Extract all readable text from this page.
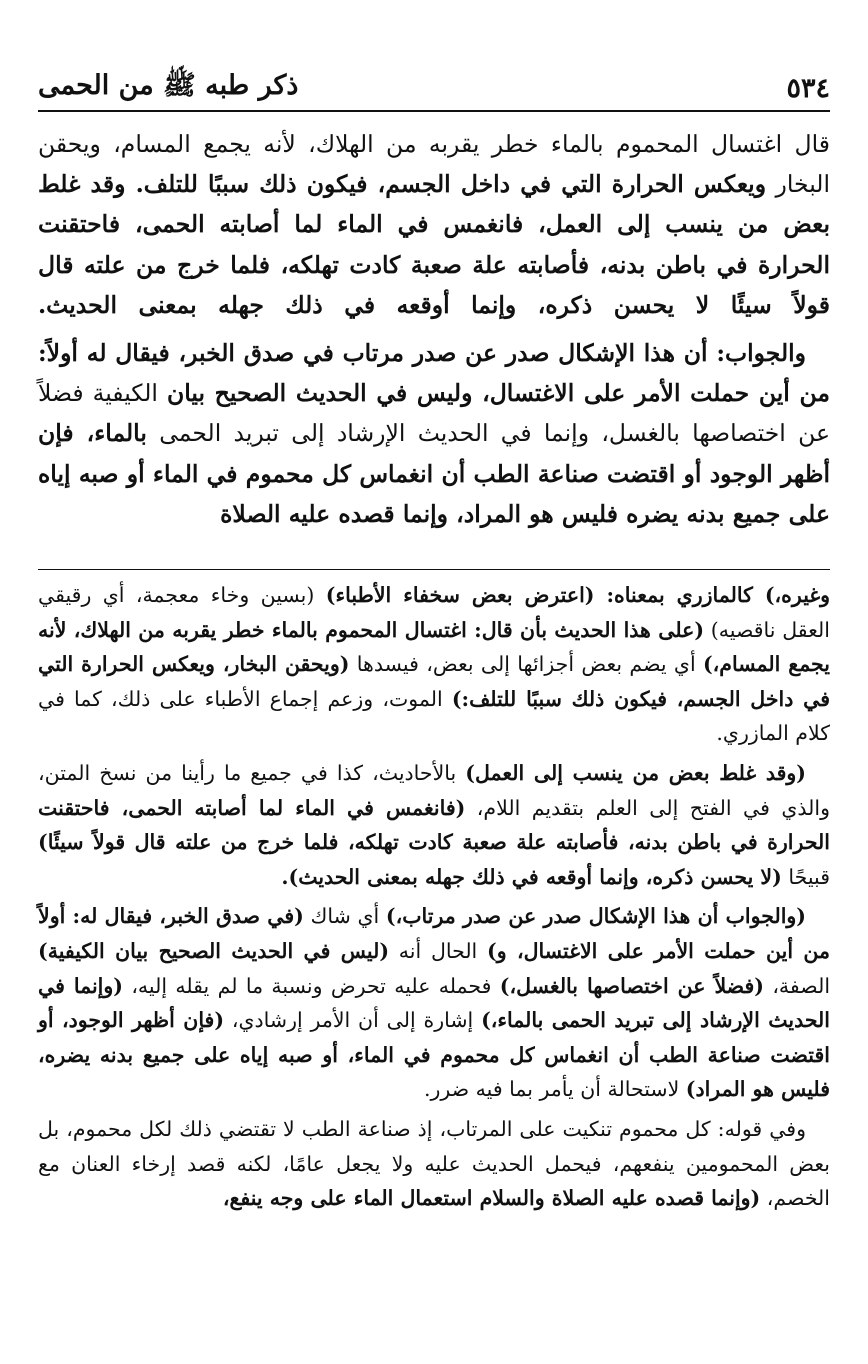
٥٣٤
ذكر طبه ﷺ من الحمى

قال اغتسال المحموم بالماء خطر يقربه من الهلاك، لأنه يجمع المسام، ويحقن البخار ويعكس الحرارة التي في داخل الجسم، فيكون ذلك سببًا للتلف. وقد غلط بعض من ينسب إلى العمل، فانغمس في الماء لما أصابته الحمى، فاحتقنت الحرارة في باطن بدنه، فأصابته علة صعبة كادت تهلكه، فلما خرج من علته قال قولاً سيئًا لا يحسن ذكره، وإنما أوقعه في ذلك جهله بمعنى الحديث.

والجواب: أن هذا الإشكال صدر عن صدر مرتاب في صدق الخبر، فيقال له أولاً: من أين حملت الأمر على الاغتسال، وليس في الحديث الصحيح بيان الكيفية فضلاً عن اختصاصها بالغسل، وإنما في الحديث الإرشاد إلى تبريد الحمى بالماء، فإن أظهر الوجود أو اقتضت صناعة الطب أن انغماس كل محموم في الماء أو صبه إياه على جميع بدنه يضره فليس هو المراد، وإنما قصده عليه الصلاة

وغيره،) كالمازري بمعناه: (اعترض بعض سخفاء الأطباء) (بسين وخاء معجمة، أي رقيقي العقل ناقصيه) (على هذا الحديث بأن قال: اغتسال المحموم بالماء خطر يقربه من الهلاك، لأنه يجمع المسام،) أي يضم بعض أجزائها إلى بعض، فيسدها (ويحقن البخار، ويعكس الحرارة التي في داخل الجسم، فيكون ذلك سببًا للتلف:) الموت، وزعم إجماع الأطباء على ذلك، كما في كلام المازري.

(وقد غلط بعض من ينسب إلى العمل) بالأحاديث، كذا في جميع ما رأينا من نسخ المتن، والذي في الفتح إلى العلم بتقديم اللام، (فانغمس في الماء لما أصابته الحمى، فاحتقنت الحرارة في باطن بدنه، فأصابته علة صعبة كادت تهلكه، فلما خرج من علته قال قولاً سيئًا) قبيحًا (لا يحسن ذكره، وإنما أوقعه في ذلك جهله بمعنى الحديث).

(والجواب أن هذا الإشكال صدر عن صدر مرتاب،) أي شاك (في صدق الخبر، فيقال له: أولاً من أين حملت الأمر على الاغتسال، و) الحال أنه (ليس في الحديث الصحيح بيان الكيفية) الصفة، (فضلاً عن اختصاصها بالغسل،) فحمله عليه تحرض ونسبة ما لم يقله إليه، (وإنما في الحديث الإرشاد إلى تبريد الحمى بالماء،) إشارة إلى أن الأمر إرشادي، (فإن أظهر الوجود، أو اقتضت صناعة الطب أن انغماس كل محموم في الماء، أو صبه إياه على جميع بدنه يضره، فليس هو المراد) لاستحالة أن يأمر بما فيه ضرر.

وفي قوله: كل محموم تنكيت على المرتاب، إذ صناعة الطب لا تقتضي ذلك لكل محموم، بل بعض المحمومين ينفعهم، فيحمل الحديث عليه ولا يجعل عامًا، لكنه قصد إرخاء العنان مع الخصم، (وإنما قصده عليه الصلاة والسلام استعمال الماء على وجه ينفع،
